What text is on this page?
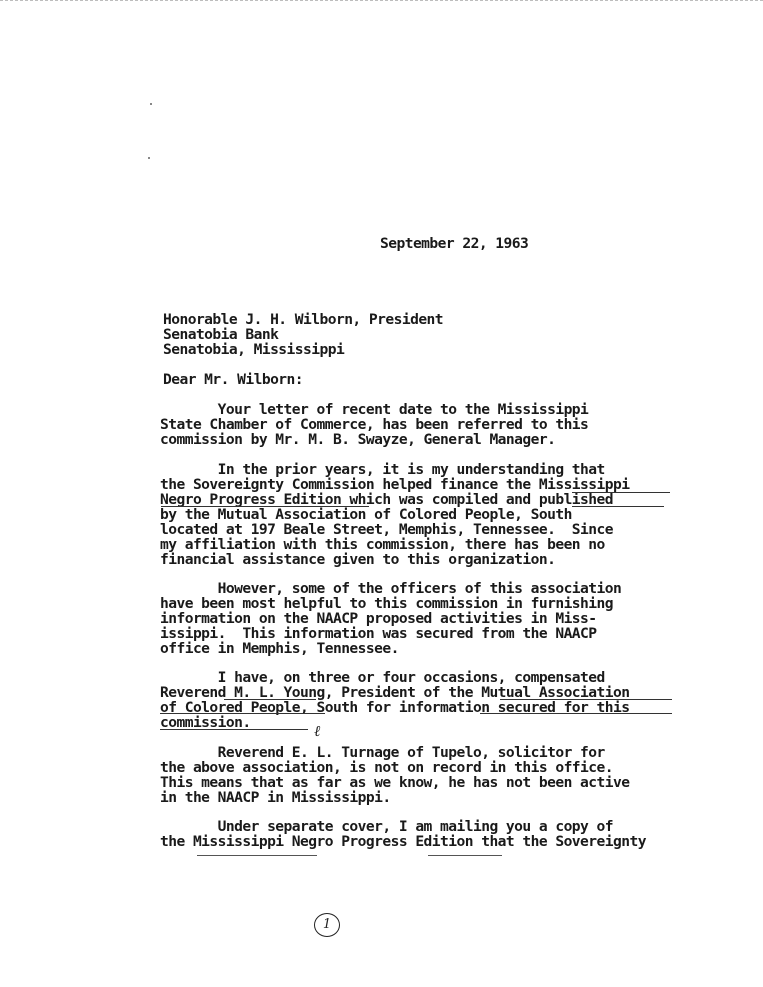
September 22, 1963
Honorable J. H. Wilborn, President
Senatobia Bank
Senatobia, Mississippi
Dear Mr. Wilborn:
Your letter of recent date to the Mississippi
State Chamber of Commerce, has been referred to this
commission by Mr. M. B. Swayze, General Manager.
In the prior years, it is my understanding that
the Sovereignty Commission helped finance the Mississippi
Negro Progress Edition which was compiled and published
by the Mutual Association of Colored People, South
located at 197 Beale Street, Memphis, Tennessee.  Since
my affiliation with this commission, there has been no
financial assistance given to this organization.
However, some of the officers of this association
have been most helpful to this commission in furnishing
information on the NAACP proposed activities in Miss-
issippi.  This information was secured from the NAACP
office in Memphis, Tennessee.
I have, on three or four occasions, compensated
Reverend M. L. Young, President of the Mutual Association
of Colored People, South for information secured for this
commission.
Reverend E. L. Turnage of Tupelo, solicitor for
the above association, is not on record in this office.
This means that as far as we know, he has not been active
in the NAACP in Mississippi.
Under separate cover, I am mailing you a copy of
the Mississippi Negro Progress Edition that the Sovereignty
ℓ
1
